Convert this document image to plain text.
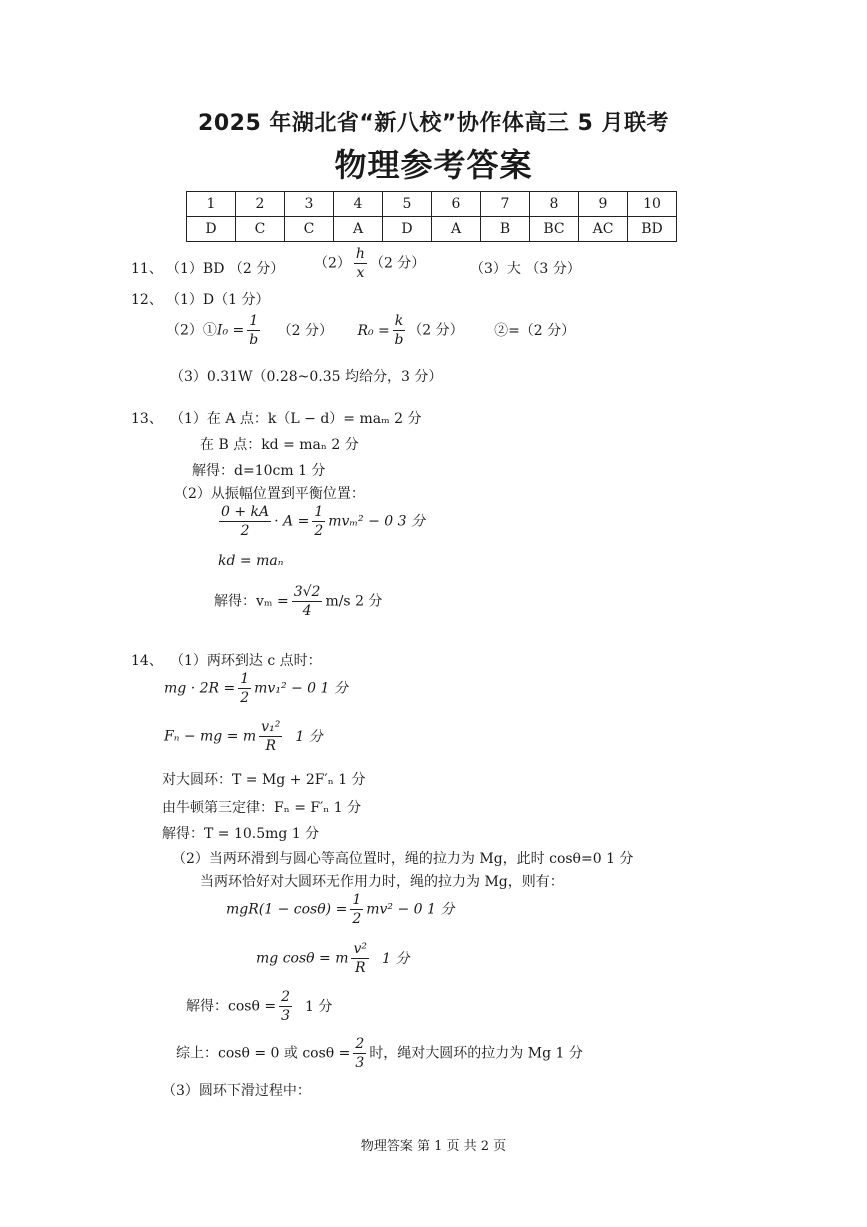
2025 年湖北省“新八校”协作体高三 5 月联考
物理参考答案
1	2	3	4	5	6	7	8	9	10
D	C	C	A	D	A	B	BC	AC	BD
11、 （1）BD （2 分） $(2) \frac{h}{x} (2$ 分）	（3）大 （3 分）
12、 （1）D（1 分）
（2）①I₀ = $\frac{1}{b} (2$ 分） $R_0 = \frac{k}{b} (2$ 分） ②=（2 分）
（3）0.31W（0.28~0.35 均给分，3 分）
13、 （1）在 A 点：k（L − d）= maₘ 2 分
在 B 点：kd = maₙ 2 分
解得：d=10cm 1 分
（2）从振幅位置到平衡位置：
$\frac{0 + kA}{2} \cdot A = \frac{1}{2} mv_m^2 - 0$ 3 分
kd = maₙ
解得：$v_m = \frac{3√2}{4} m/s$ 2 分
14、 （1）两环到达 c 点时：
mg · $2R = \frac{1}{2} mv_1^2 - 0$ 1 分
Fₙ − mg = m $\frac{\text{v₁²}}{R} 1$ 分
对大圆环：T = Mg + 2F′ₙ 1 分
由牛顿第三定律：Fₙ = F′ₙ 1 分
解得：T = 10.5mg 1 分
（2）当两环滑到与圆心等高位置时，绳的拉力为 Mg，此时 cosθ=0 1 分
当两环恰好对大圆环无作用力时，绳的拉力为 Mg，则有：
$mgR(1 - \cos\theta) = \frac{1}{2} mv^2 - 0$ 1 分
mg cosθ = m $\frac{\text{v²}}{R} 1$ 分
解得：$\cos\theta = \frac{2}{3} 1$ 分
综上：cosθ = 0 或 $\cos\theta = \frac{2}{3}$ 时，绳对大圆环的拉力为 Mg 1 分
（3）圆环下滑过程中：
物理答案 第 1 页 共 2 页
